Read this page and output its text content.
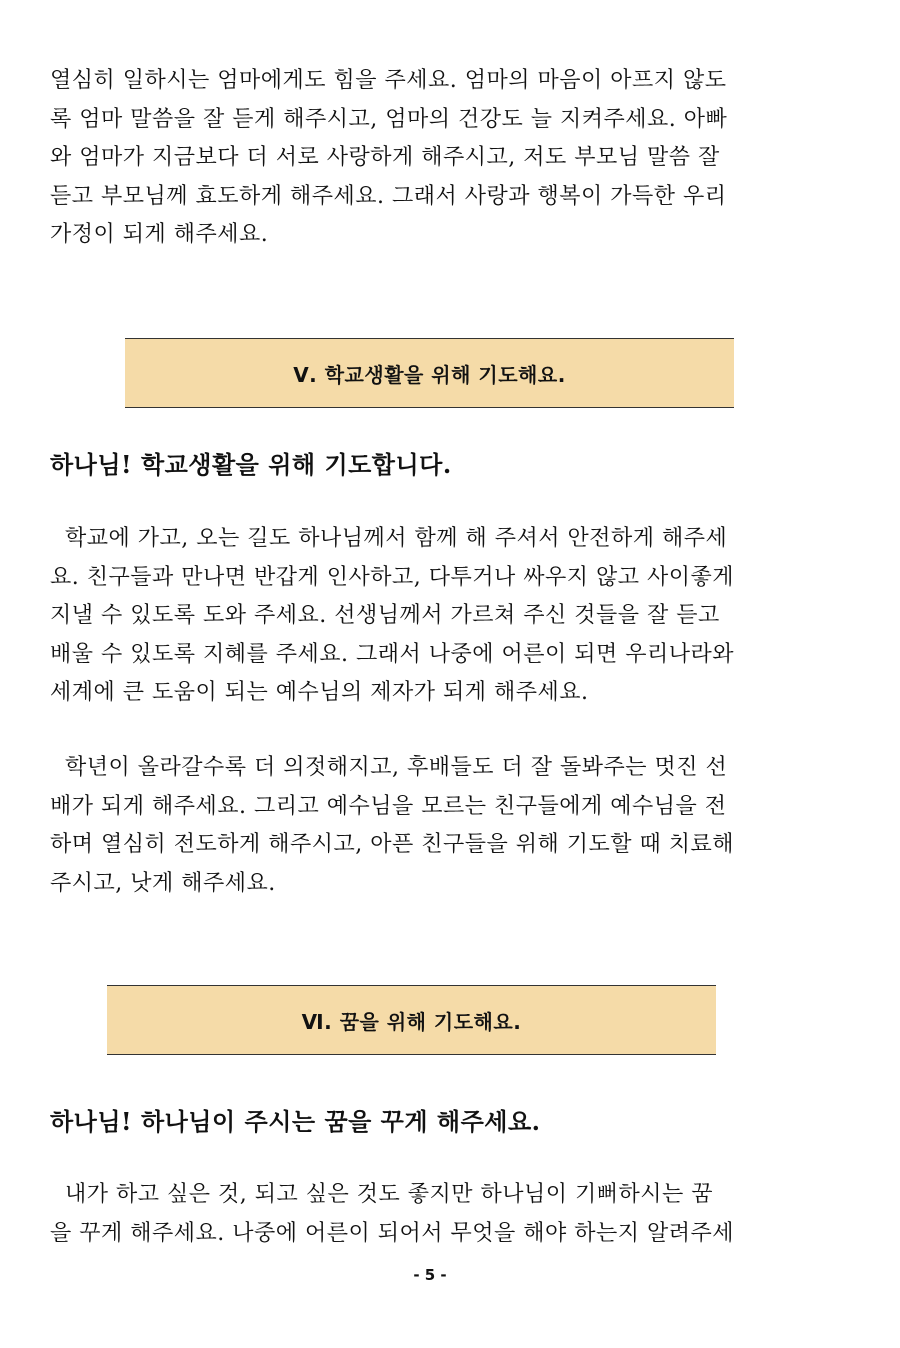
열심히 일하시는 엄마에게도 힘을 주세요. 엄마의 마음이 아프지 않도
록 엄마 말씀을 잘 듣게 해주시고, 엄마의 건강도 늘 지켜주세요. 아빠
와 엄마가 지금보다 더 서로 사랑하게 해주시고, 저도 부모님 말씀 잘
듣고 부모님께 효도하게 해주세요. 그래서 사랑과 행복이 가득한 우리
가정이 되게 해주세요.
Ⅴ. 학교생활을 위해 기도해요.
하나님! 학교생활을 위해 기도합니다.
학교에 가고, 오는 길도 하나님께서 함께 해 주셔서 안전하게 해주세
요. 친구들과 만나면 반갑게 인사하고, 다투거나 싸우지 않고 사이좋게
지낼 수 있도록 도와 주세요. 선생님께서 가르쳐 주신 것들을 잘 듣고
배울 수 있도록 지혜를 주세요. 그래서 나중에 어른이 되면 우리나라와
세계에 큰 도움이 되는 예수님의 제자가 되게 해주세요.
학년이 올라갈수록 더 의젓해지고, 후배들도 더 잘 돌봐주는 멋진 선
배가 되게 해주세요. 그리고 예수님을 모르는 친구들에게 예수님을 전
하며 열심히 전도하게 해주시고, 아픈 친구들을 위해 기도할 때 치료해
주시고, 낫게 해주세요.
Ⅵ. 꿈을 위해 기도해요.
하나님! 하나님이 주시는 꿈을 꾸게 해주세요.
내가 하고 싶은 것, 되고 싶은 것도 좋지만 하나님이 기뻐하시는 꿈
을 꾸게 해주세요. 나중에 어른이 되어서 무엇을 해야 하는지 알려주세
- 5 -
